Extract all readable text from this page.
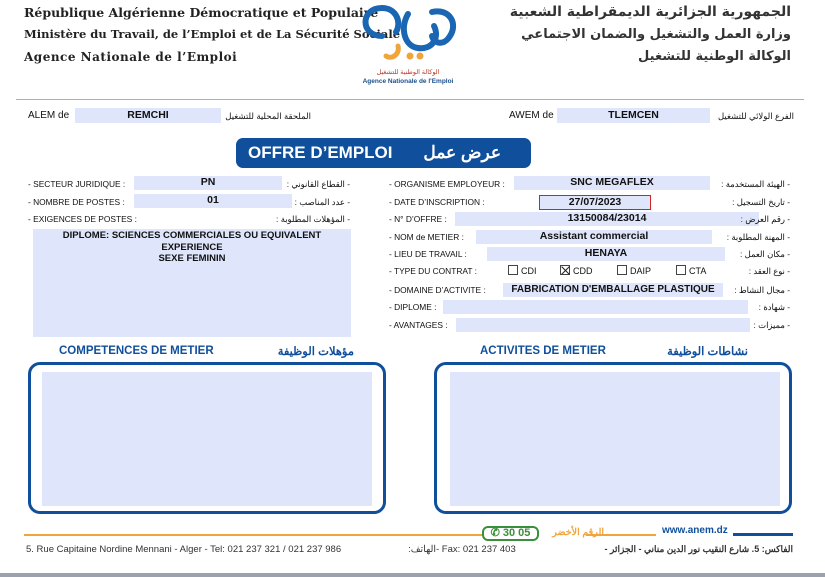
République Algérienne Démocratique et Populaire
Ministère du Travail, de l’Emploi et de La Sécurité Sociale
Agence Nationale de l’Emploi
الجمهورية الجزائرية الديمقراطية الشعبية
وزارة العمل والتشغيل والضمان الاجتماعي
الوكالة الوطنية للتشغيل
الوكالة الوطنية للتشغيل
Agence Nationale de l'Emploi
ALEM de	REMCHI	الملحقة المحلية للتشغيل	AWEM de	TLEMCEN	الفرع الولائي للتشغيل
OFFRE D’EMPLOI عرض عمل
- SECTEUR JURIDIQUE :	PN	- القطاع القانوني :
- NOMBRE DE POSTES :	01	- عدد المناصب :
- EXIGENCES DE POSTES :	- المؤهلات المطلوبة :
DIPLOME: SCIENCES COMMERCIALES OU EQUIVALENT
EXPERIENCE
SEXE FEMININ
- ORGANISME EMPLOYEUR :	SNC MEGAFLEX	- الهيئة المستخدمة :
- DATE D’INSCRIPTION :	27/07/2023	- تاريخ التسجيل :
- N° D’OFFRE :	13150084/23014	- رقم العرض :
- NOM de METIER :	Assistant commercial	- المهنة المطلوبة :
- LIEU DE TRAVAIL :	HENAYA	- مكان العمل :
- TYPE DU CONTRAT :	CDI	CDD	DAIP	CTA	- نوع العقد :
- DOMAINE D’ACTIVITE :	FABRICATION D'EMBALLAGE PLASTIQUE	- مجال النشاط :
- DIPLOME :	- شهادة :
- AVANTAGES :	- مميزات :
COMPETENCES DE METIER	مؤهلات الوظيفة	ACTIVITES DE METIER	نشاطات الوظيفة
✆ 30 05	الرقم الأخضر	www.anem.dz
5. Rue Capitaine Nordine Mennani - Alger - Tel: 021 237 321 / 021 237 986	الهاتف: - Fax: 021 237 403	الفاكس: 5. شارع النقيب نور الدين مناني - الجزائر -
